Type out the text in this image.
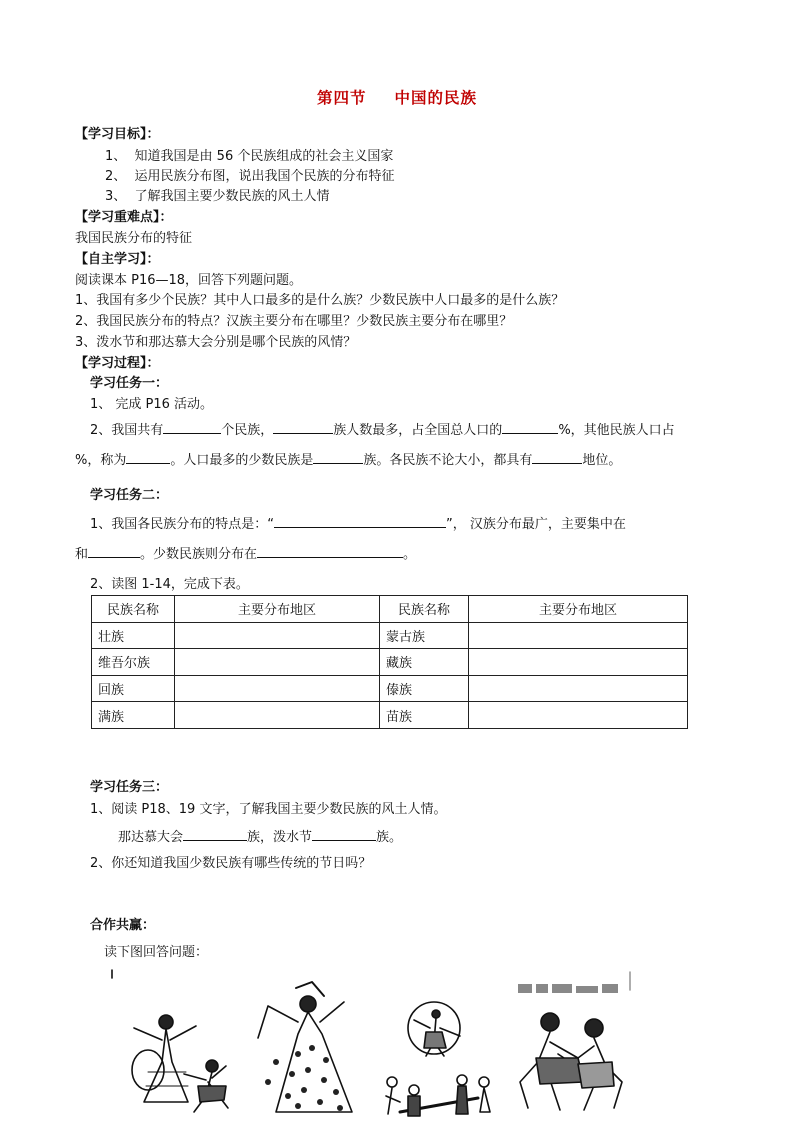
第四节 中国的民族
【学习目标】：
1、 知道我国是由 56 个民族组成的社会主义国家
2、 运用民族分布图，说出我国个民族的分布特征
3、 了解我国主要少数民族的风土人情
【学习重难点】：
我国民族分布的特征
【自主学习】：
阅读课本 P16—18，回答下列题问题。
1、我国有多少个民族？其中人口最多的是什么族？少数民族中人口最多的是什么族？
2、我国民族分布的特点？汉族主要分布在哪里？少数民族主要分布在哪里？
3、泼水节和那达慕大会分别是哪个民族的风情？
【学习过程】：
学习任务一：
1、 完成 P16 活动。
2、我国共有	个民族，	族人数最多，占全国总人口的	%，其他民族人口占
%，称为	。人口最多的少数民族是	族。各民族不论大小，都具有	地位。
学习任务二：
1、我国各民族分布的特点是：“	”， 汉族分布最广，主要集中在
和	。少数民族则分布在	。
2、读图 1-14，完成下表。
民族名称	主要分布地区	民族名称	主要分布地区
壮族		蒙古族	
维吾尔族		藏族	
回族		傣族	
满族		苗族	
学习任务三：
1、阅读 P18、19 文字，了解我国主要少数民族的风土人情。
那达慕大会	族，泼水节	族。
2、你还知道我国少数民族有哪些传统的节日吗？
合作共赢：
读下图回答问题：
